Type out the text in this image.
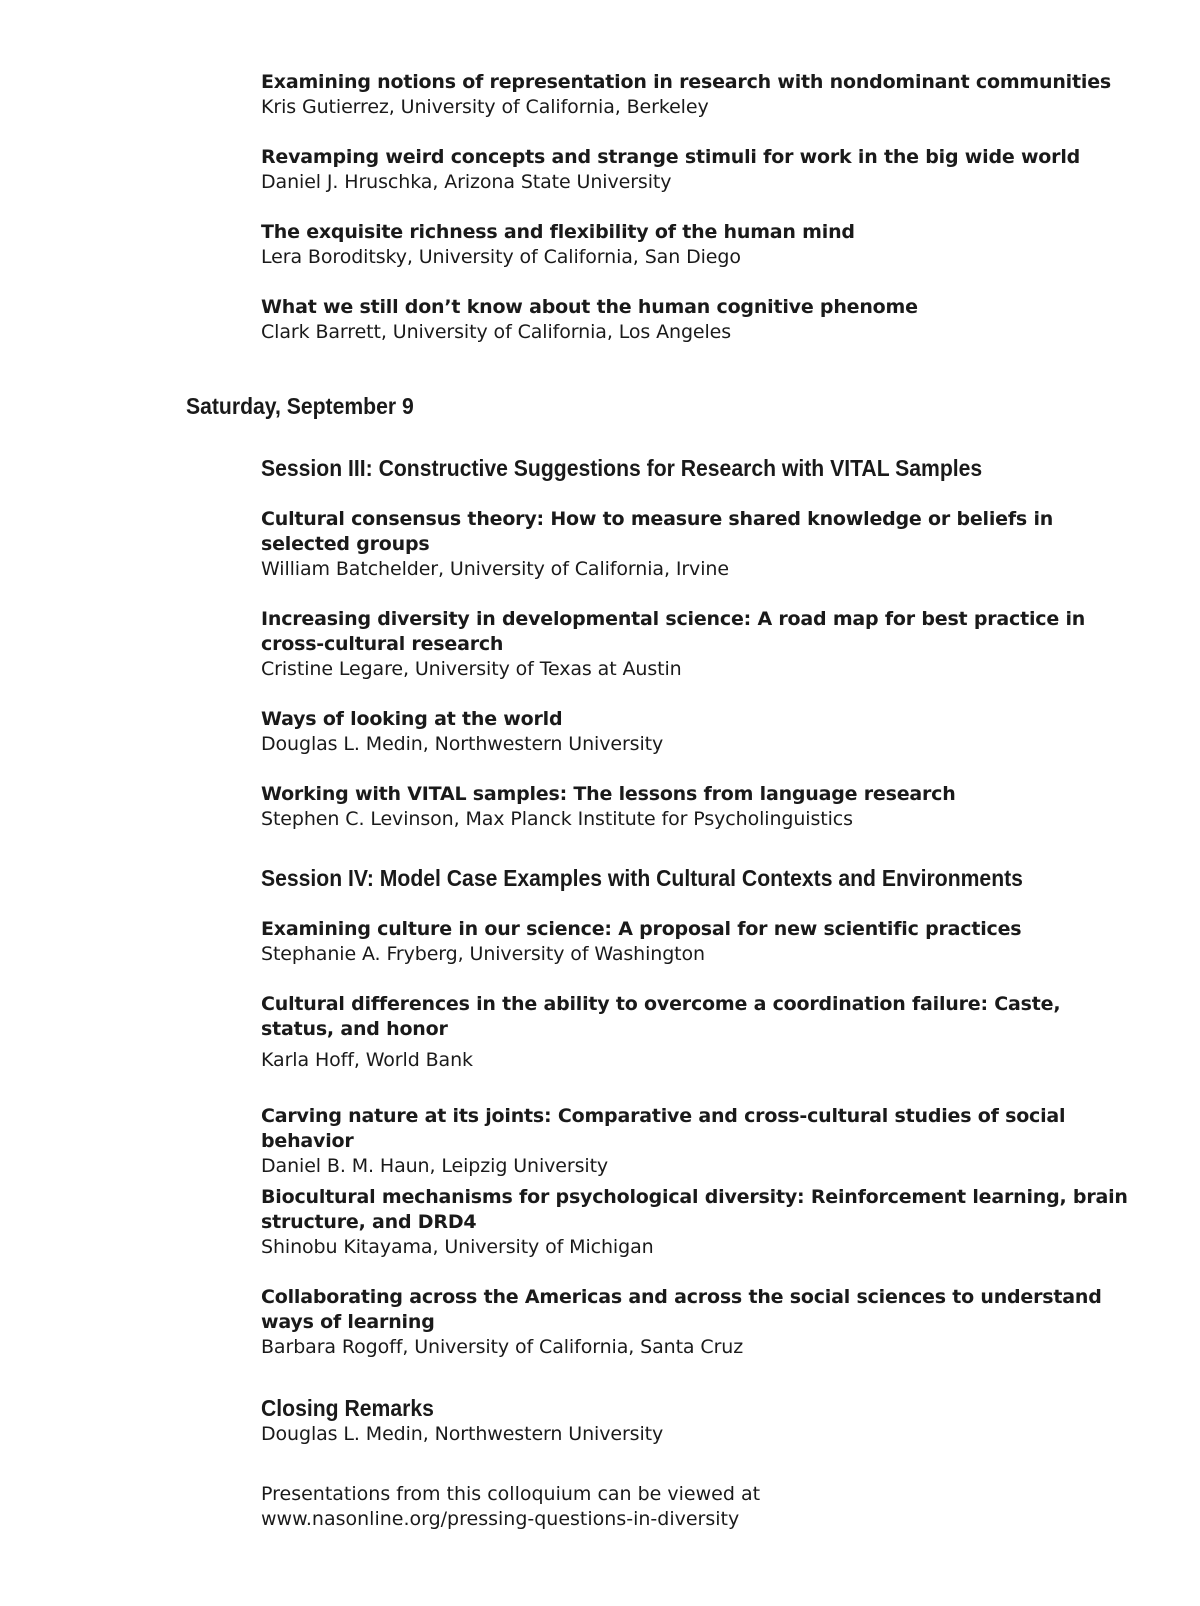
Examining notions of representation in research with nondominant communities
Kris Gutierrez, University of California, Berkeley
Revamping weird concepts and strange stimuli for work in the big wide world
Daniel J. Hruschka, Arizona State University
The exquisite richness and flexibility of the human mind
Lera Boroditsky, University of California, San Diego
What we still don’t know about the human cognitive phenome
Clark Barrett, University of California, Los Angeles
Saturday, September 9
Session III: Constructive Suggestions for Research with VITAL Samples
Cultural consensus theory: How to measure shared knowledge or beliefs in selected groups
William Batchelder, University of California, Irvine
Increasing diversity in developmental science: A road map for best practice in cross-cultural research
Cristine Legare, University of Texas at Austin
Ways of looking at the world
Douglas L. Medin, Northwestern University
Working with VITAL samples: The lessons from language research
Stephen C. Levinson, Max Planck Institute for Psycholinguistics
Session IV: Model Case Examples with Cultural Contexts and Environments
Examining culture in our science: A proposal for new scientific practices
Stephanie A. Fryberg, University of Washington
Cultural differences in the ability to overcome a coordination failure: Caste, status, and honor
Karla Hoff, World Bank
Carving nature at its joints: Comparative and cross-cultural studies of social behavior
Daniel B. M. Haun, Leipzig University
Biocultural mechanisms for psychological diversity: Reinforcement learning, brain structure, and DRD4
Shinobu Kitayama, University of Michigan
Collaborating across the Americas and across the social sciences to understand ways of learning
Barbara Rogoff, University of California, Santa Cruz
Closing Remarks
Douglas L. Medin, Northwestern University
Presentations from this colloquium can be viewed at
www.nasonline.org/pressing-questions-in-diversity
